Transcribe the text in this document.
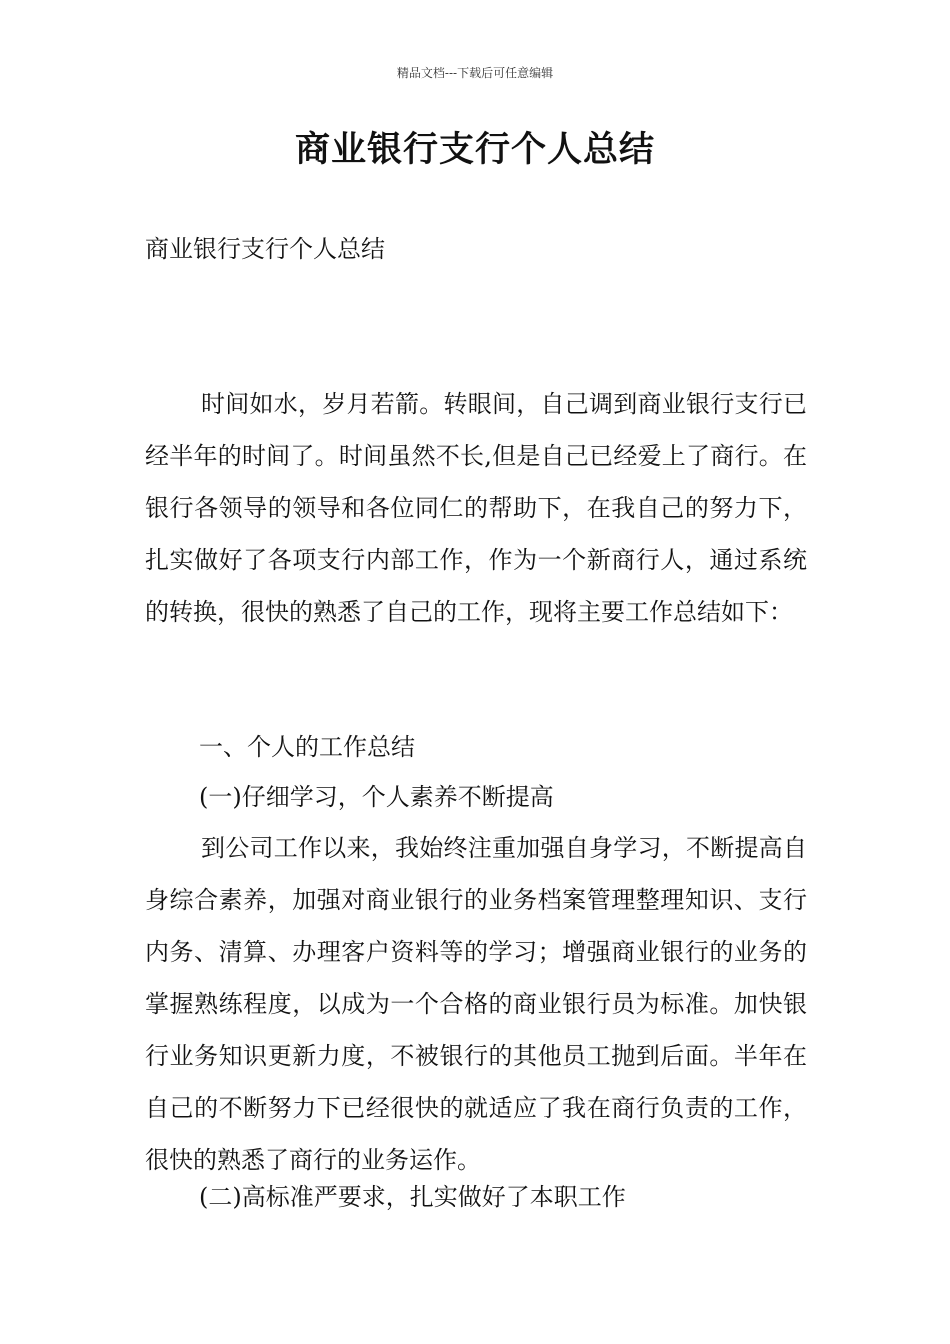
精品文档---下载后可任意编辑
商业银行支行个人总结

商业银行支行个人总结

时间如水，岁月若箭。转眼间，自己调到商业银行支行已经半年的时间了。时间虽然不长,但是自己已经爱上了商行。在银行各领导的领导和各位同仁的帮助下，在我自己的努力下，扎实做好了各项支行内部工作，作为一个新商行人，通过系统的转换，很快的熟悉了自己的工作，现将主要工作总结如下：

一、个人的工作总结

(一)仔细学习，个人素养不断提高

到公司工作以来，我始终注重加强自身学习，不断提高自身综合素养，加强对商业银行的业务档案管理整理知识、支行内务、清算、办理客户资料等的学习；增强商业银行的业务的掌握熟练程度，以成为一个合格的商业银行员为标准。加快银行业务知识更新力度，不被银行的其他员工抛到后面。半年在自己的不断努力下已经很快的就适应了我在商行负责的工作，很快的熟悉了商行的业务运作。

(二)高标准严要求，扎实做好了本职工作
